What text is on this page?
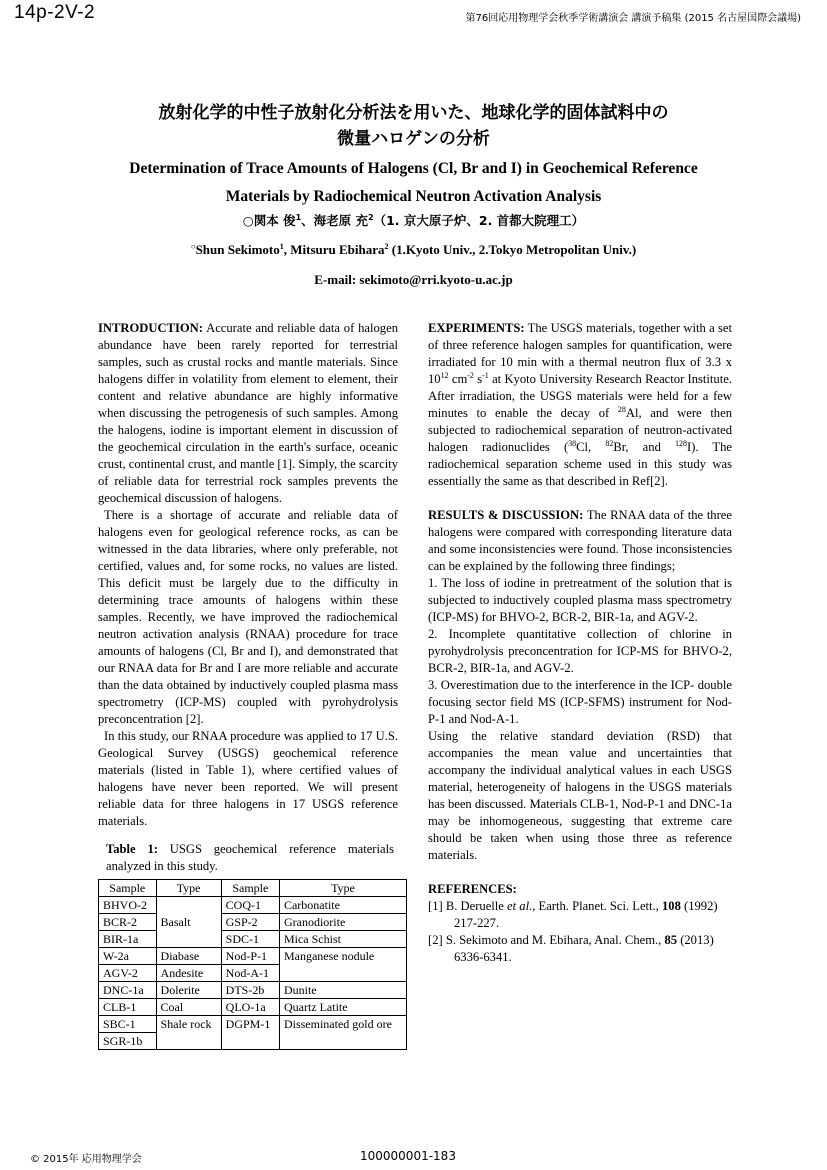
14p-2V-2	第76回応用物理学会秋季学術講演会 講演予稿集 (2015 名古屋国際会議場)
放射化学的中性子放射化分析法を用いた、地球化学的固体試料中の
微量ハロゲンの分析
Determination of Trace Amounts of Halogens (Cl, Br and I) in Geochemical Reference
Materials by Radiochemical Neutron Activation Analysis
○関本 俊$^1$、海老原 充$^2$（1. 京大原子炉、2. 首都大院理工）
○Shun Sekimoto$^1$, Mitsuru Ebihara$^2$ (1.Kyoto Univ., 2.Tokyo Metropolitan Univ.)
E-mail: sekimoto@rri.kyoto-u.ac.jp

INTRODUCTION: Accurate and reliable data of halogen abundance have been rarely reported for terrestrial samples, such as crustal rocks and mantle materials. Since halogens differ in volatility from element to element, their content and relative abundance are highly informative when discussing the petrogenesis of such samples. Among the halogens, iodine is important element in discussion of the geochemical circulation in the earth's surface, oceanic crust, continental crust, and mantle [1]. Simply, the scarcity of reliable data for terrestrial rock samples prevents the geochemical discussion of halogens.

There is a shortage of accurate and reliable data of halogens even for geological reference rocks, as can be witnessed in the data libraries, where only preferable, not certified, values and, for some rocks, no values are listed. This deficit must be largely due to the difficulty in determining trace amounts of halogens within these samples. Recently, we have improved the radiochemical neutron activation analysis (RNAA) procedure for trace amounts of halogens (Cl, Br and I), and demonstrated that our RNAA data for Br and I are more reliable and accurate than the data obtained by inductively coupled plasma mass spectrometry (ICP-MS) coupled with pyrohydrolysis preconcentration [2].

In this study, our RNAA procedure was applied to 17 U.S. Geological Survey (USGS) geochemical reference materials (listed in Table 1), where certified values of halogens have never been reported. We will present reliable data for three halogens in 17 USGS reference materials.

Table 1: USGS geochemical reference materials analyzed in this study.

Sample	Type	Sample	Type
BHVO-2	Basalt	COQ-1	Carbonatite
BCR-2		GSP-2	Granodiorite
BIR-1a		SDC-1	Mica Schist
W-2a	Diabase	Nod-P-1	Manganese nodule
AGV-2	Andesite	Nod-A-1	
DNC-1a	Dolerite	DTS-2b	Dunite
CLB-1	Coal	QLO-1a	Quartz Latite
SBC-1	Shale rock	DGPM-1	Disseminated gold ore
SGR-1b			

EXPERIMENTS: The USGS materials, together with a set of three reference halogen samples for quantification, were irradiated for 10 min with a thermal neutron flux of 3.3 x $10^{12}$ $cm^{-2}$ $s^{-1}$ at Kyoto University Research Reactor Institute. After irradiation, the USGS materials were held for a few minutes to enable the decay of $^{28}$Al, and were then subjected to radiochemical separation of neutron-activated halogen radionuclides ($^{38}$Cl, $^{82}$Br, and $^{128}$I). The radiochemical separation scheme used in this study was essentially the same as that described in Ref[2].

RESULTS & DISCUSSION: The RNAA data of the three halogens were compared with corresponding literature data and some inconsistencies were found. Those inconsistencies can be explained by the following three findings;

1. The loss of iodine in pretreatment of the solution that is subjected to inductively coupled plasma mass spectrometry (ICP-MS) for BHVO-2, BCR-2, BIR-1a, and AGV-2.

2. Incomplete quantitative collection of chlorine in pyrohydrolysis preconcentration for ICP-MS for BHVO-2, BCR-2, BIR-1a, and AGV-2.

3. Overestimation due to the interference in the ICP- double focusing sector field MS (ICP-SFMS) instrument for Nod-P-1 and Nod-A-1.

Using the relative standard deviation (RSD) that accompanies the mean value and uncertainties that accompany the individual analytical values in each USGS material, heterogeneity of halogens in the USGS materials has been discussed. Materials CLB-1, Nod-P-1 and DNC-1a may be inhomogeneous, suggesting that extreme care should be taken when using those three as reference materials.

REFERENCES:

[1] B. Deruelle et al., Earth. Planet. Sci. Lett., 108 (1992) 217-227.

[2] S. Sekimoto and M. Ebihara, Anal. Chem., 85 (2013) 6336-6341.

© 2015年 応用物理学会	100000001-183
